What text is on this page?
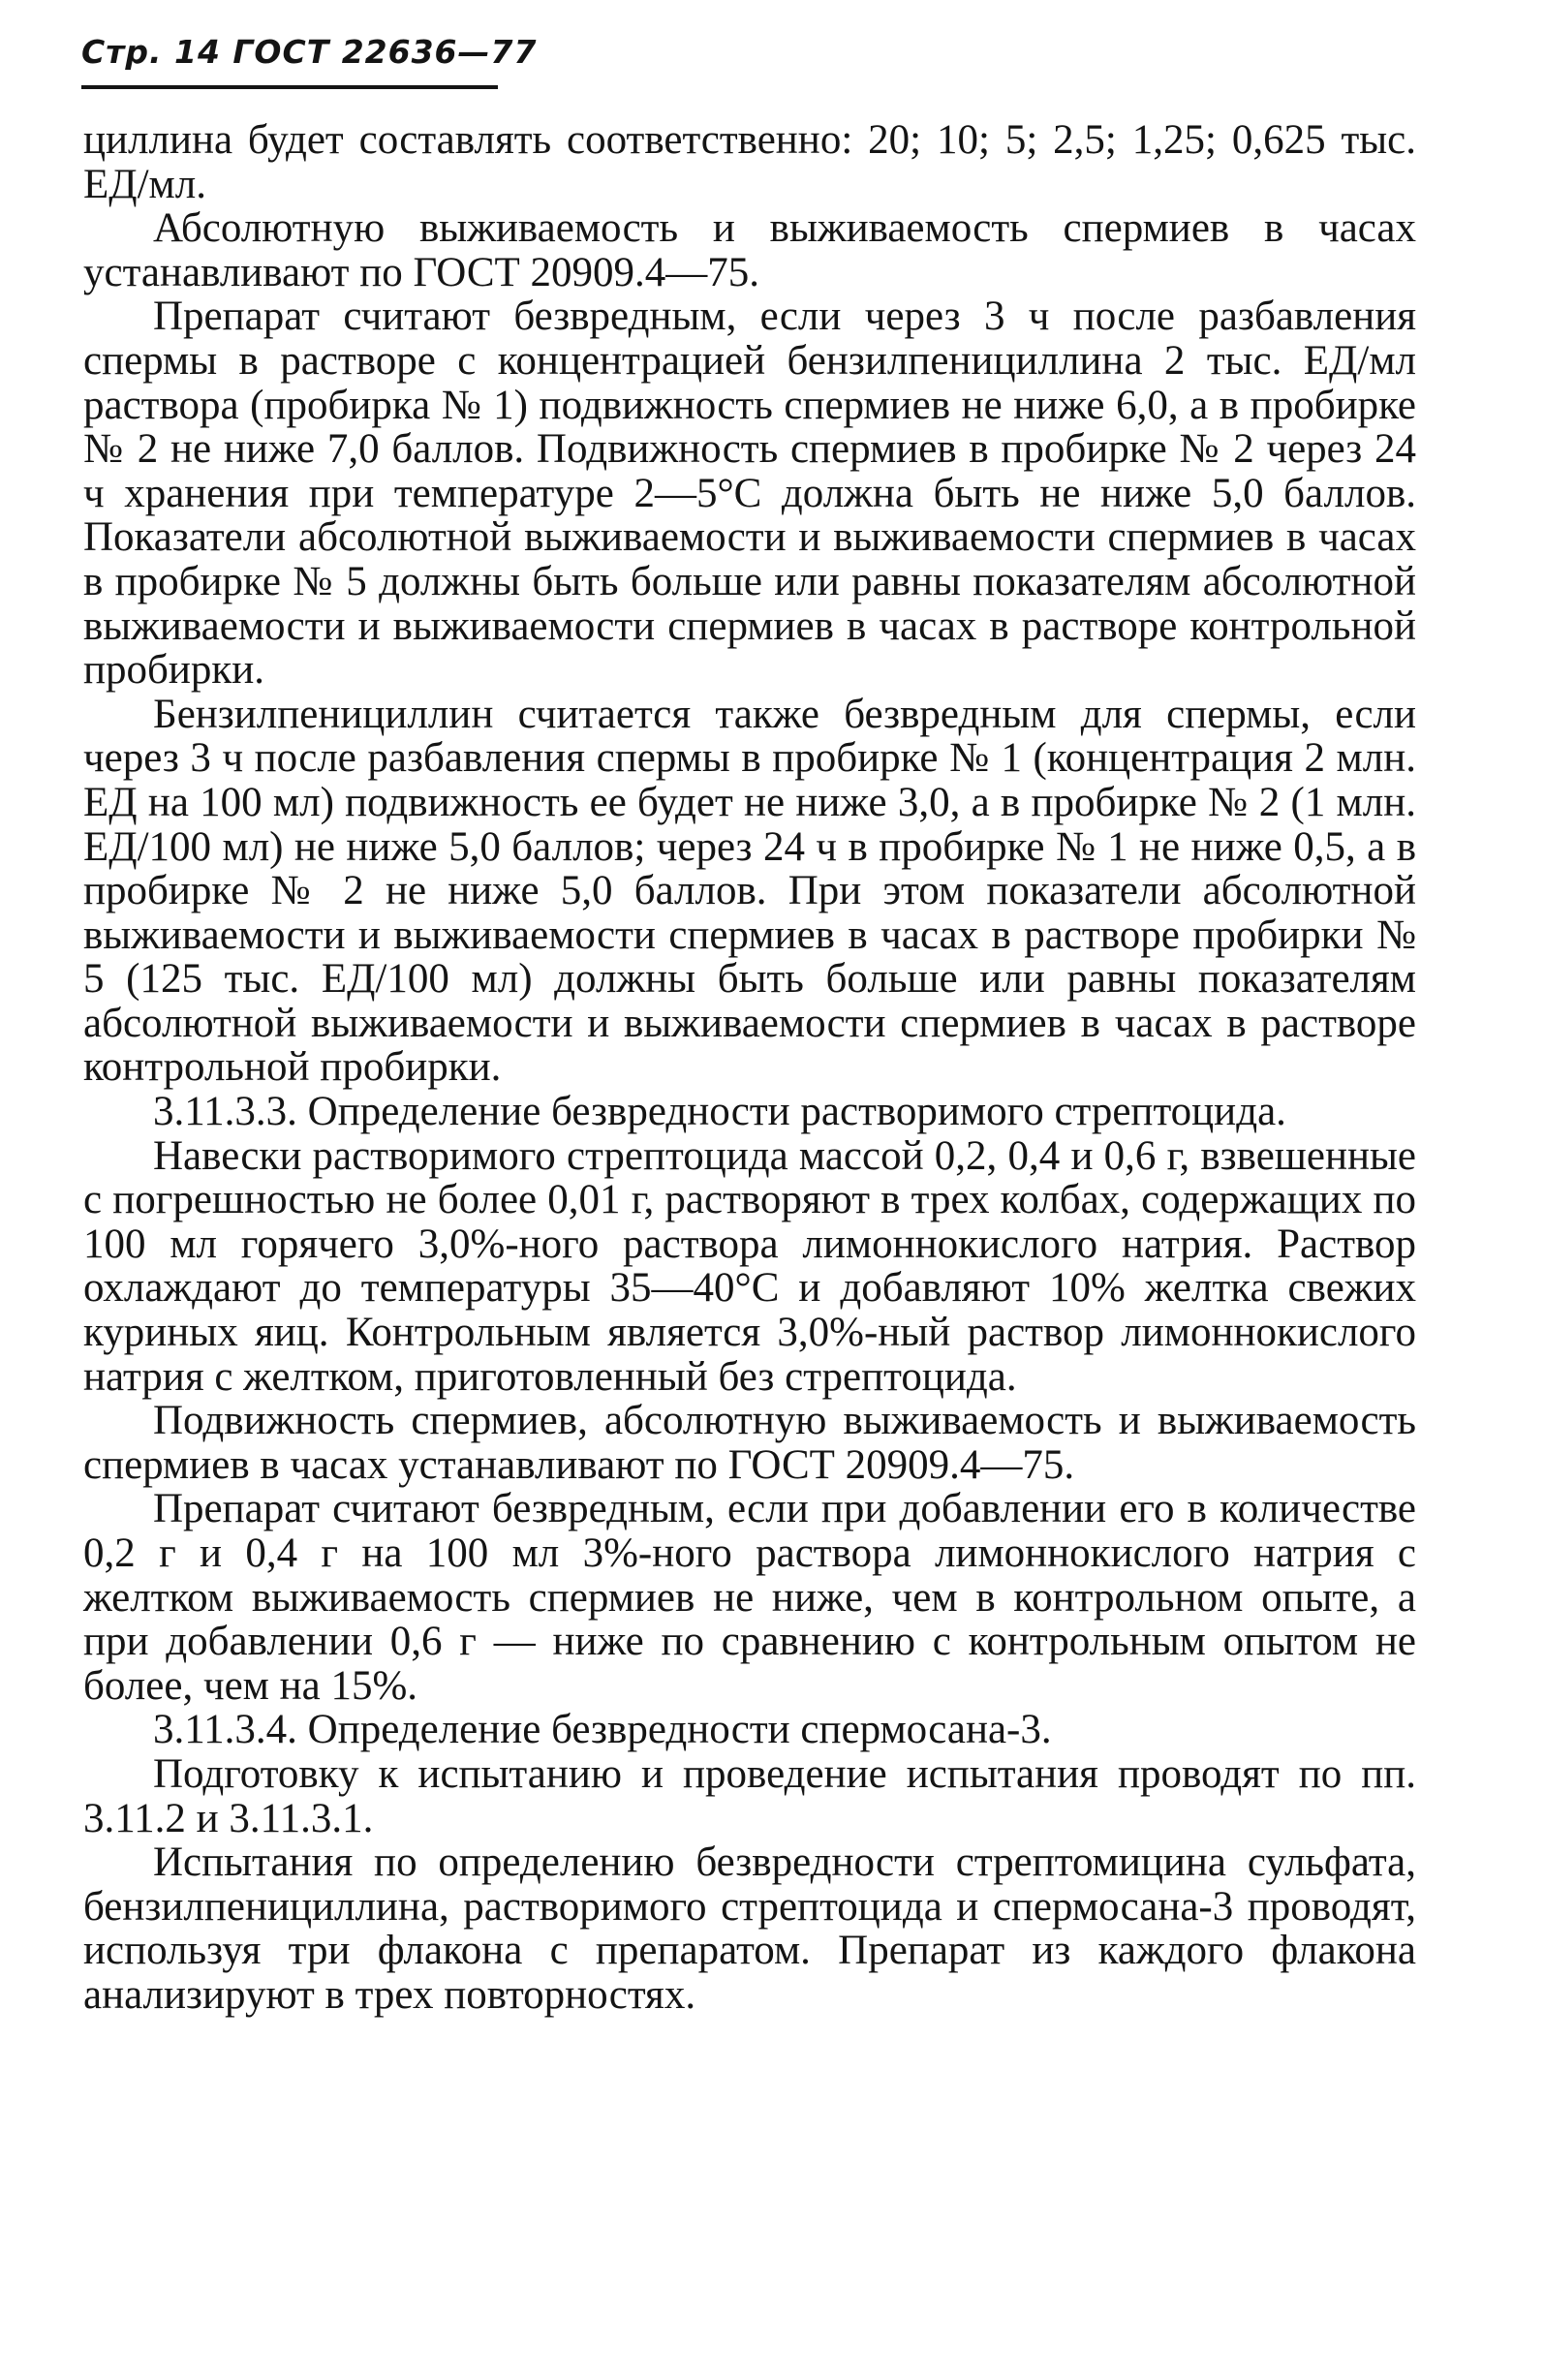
Стр. 14 ГОСТ 22636—77

циллина будет составлять соответственно: 20; 10; 5; 2,5; 1,25; 0,625 тыс. ЕД/мл.

Абсолютную выживаемость и выживаемость спермиев в часах устанавливают по ГОСТ 20909.4—75.

Препарат считают безвредным, если через 3 ч после разбавления спермы в растворе с концентрацией бензилпенициллина 2 тыс. ЕД/мл раствора (пробирка № 1) подвижность спермиев не ниже 6,0, а в пробирке № 2 не ниже 7,0 баллов. Подвижность спермиев в пробирке № 2 через 24 ч хранения при температуре 2—5°С должна быть не ниже 5,0 баллов. Показатели абсолютной выживаемости и выживаемости спермиев в часах в пробирке № 5 должны быть больше или равны показателям абсолютной выживаемости и выживаемости спермиев в часах в растворе контрольной пробирки.

Бензилпенициллин считается также безвредным для спермы, если через 3 ч после разбавления спермы в пробирке № 1 (концентрация 2 млн. ЕД на 100 мл) подвижность ее будет не ниже 3,0, а в пробирке № 2 (1 млн. ЕД/100 мл) не ниже 5,0 баллов; через 24 ч в пробирке № 1 не ниже 0,5, а в пробирке № 2 не ниже 5,0 баллов. При этом показатели абсолютной выживаемости и выживаемости спермиев в часах в растворе пробирки № 5 (125 тыс. ЕД/100 мл) должны быть больше или равны показателям абсолютной выживаемости и выживаемости спермиев в часах в растворе контрольной пробирки.

3.11.3.3. Определение безвредности растворимого стрептоцида.

Навески растворимого стрептоцида массой 0,2, 0,4 и 0,6 г, взвешенные с погрешностью не более 0,01 г, растворяют в трех колбах, содержащих по 100 мл горячего 3,0%-ного раствора лимоннокислого натрия. Раствор охлаждают до температуры 35—40°С и добавляют 10% желтка свежих куриных яиц. Контрольным является 3,0%-ный раствор лимоннокислого натрия с желтком, приготовленный без стрептоцида.

Подвижность спермиев, абсолютную выживаемость и выживаемость спермиев в часах устанавливают по ГОСТ 20909.4—75.

Препарат считают безвредным, если при добавлении его в количестве 0,2 г и 0,4 г на 100 мл 3%-ного раствора лимоннокислого натрия с желтком выживаемость спермиев не ниже, чем в контрольном опыте, а при добавлении 0,6 г — ниже по сравнению с контрольным опытом не более, чем на 15%.

3.11.3.4. Определение безвредности спермосана-3.

Подготовку к испытанию и проведение испытания проводят по пп. 3.11.2 и 3.11.3.1.

Испытания по определению безвредности стрептомицина сульфата, бензилпенициллина, растворимого стрептоцида и спермосана-3 проводят, используя три флакона с препаратом. Препарат из каждого флакона анализируют в трех повторностях.
